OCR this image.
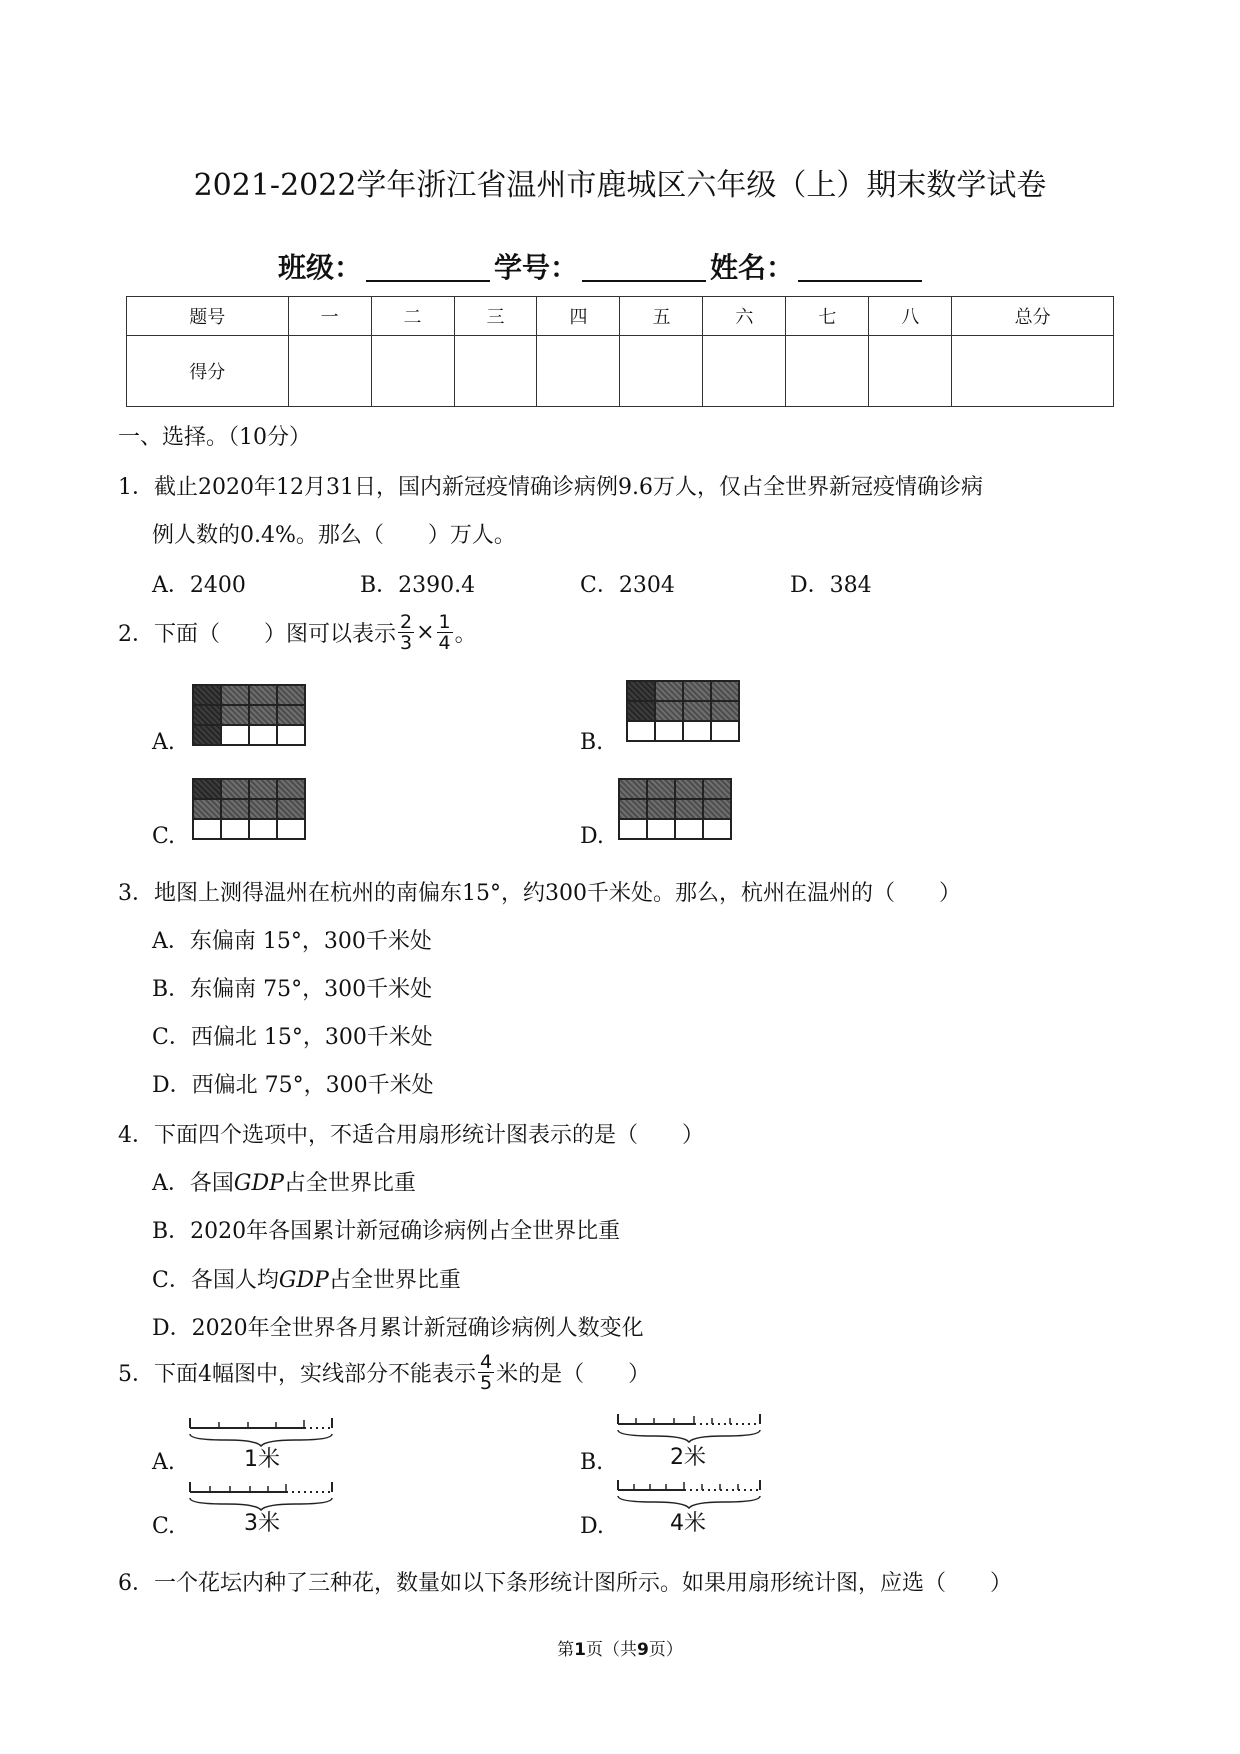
2021-2022学年浙江省温州市鹿城区六年级（上）期末数学试卷
班级：	学号：	姓名：
题号	一	二	三	四	五	六	七	八	总分
得分									
一、选择。（10分）
1．截止2020年12月31日，国内新冠疫情确诊病例9.6万人，仅占全世界新冠疫情确诊病
例人数的0.4%。那么（　　）万人。
A．2400	B．2390.4	C．2304	D．384
2．下面（　　）图可以表示 $\frac{2}{3} \times \frac{1}{4}$ 。
A.

				B.

C.

				D.

3．地图上测得温州在杭州的南偏东15°，约300千米处。那么，杭州在温州的（　　）
A．东偏南 15°，300千米处
B．东偏南 75°，300千米处
C．西偏北 15°，300千米处
D．西偏北 75°，300千米处
4．下面四个选项中，不适合用扇形统计图表示的是（　　）
A．各国GDP占全世界比重
B．2020年各国累计新冠确诊病例占全世界比重
C．各国人均GDP占全世界比重
D．2020年全世界各月累计新冠确诊病例人数变化
5．下面4幅图中，实线部分不能表示 $\frac{4}{5}$ 米的是（　　）
A.	1米	B.	2米
C.	3米	D.	4米
6．一个花坛内种了三种花，数量如以下条形统计图所示。如果用扇形统计图，应选（　　）
第1页（共9页）
